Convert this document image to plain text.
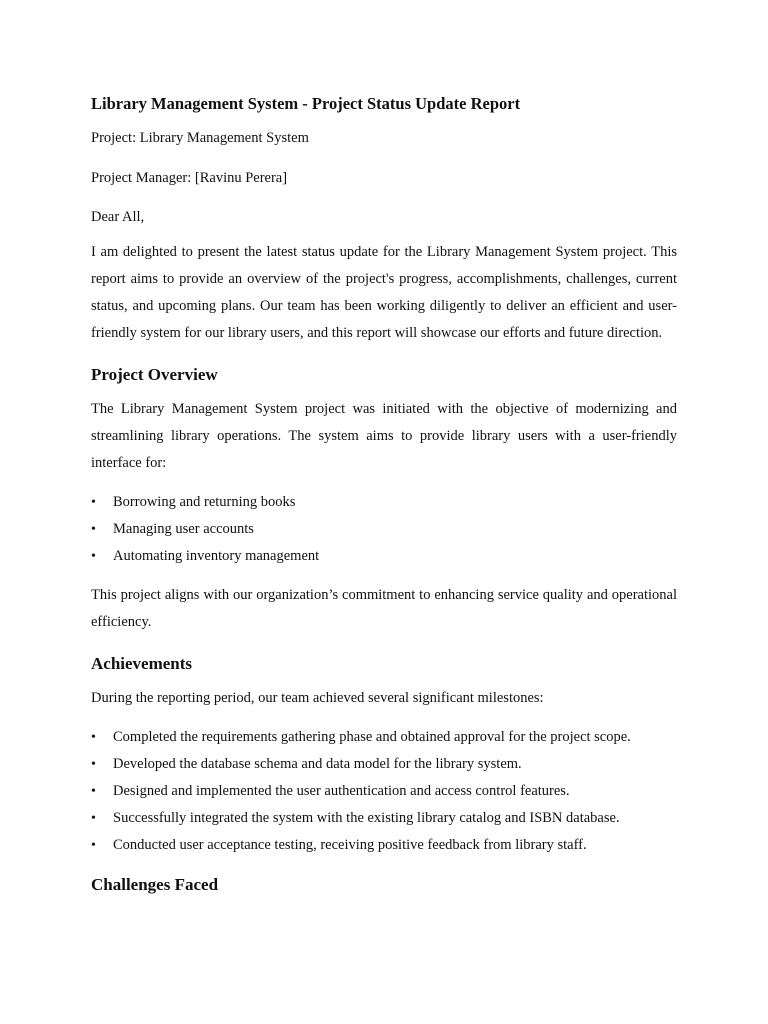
Library Management System - Project Status Update Report

Project: Library Management System

Project Manager: [Ravinu Perera]

Dear All,

I am delighted to present the latest status update for the Library Management System project. This report aims to provide an overview of the project's progress, accomplishments, challenges, current status, and upcoming plans. Our team has been working diligently to deliver an efficient and user-friendly system for our library users, and this report will showcase our efforts and future direction.

Project Overview

The Library Management System project was initiated with the objective of modernizing and streamlining library operations. The system aims to provide library users with a user-friendly interface for:

• Borrowing and returning books
• Managing user accounts
• Automating inventory management

This project aligns with our organization’s commitment to enhancing service quality and operational efficiency.

Achievements

During the reporting period, our team achieved several significant milestones:

• Completed the requirements gathering phase and obtained approval for the project scope.
• Developed the database schema and data model for the library system.
• Designed and implemented the user authentication and access control features.
• Successfully integrated the system with the existing library catalog and ISBN database.
• Conducted user acceptance testing, receiving positive feedback from library staff.
Challenges Faced
